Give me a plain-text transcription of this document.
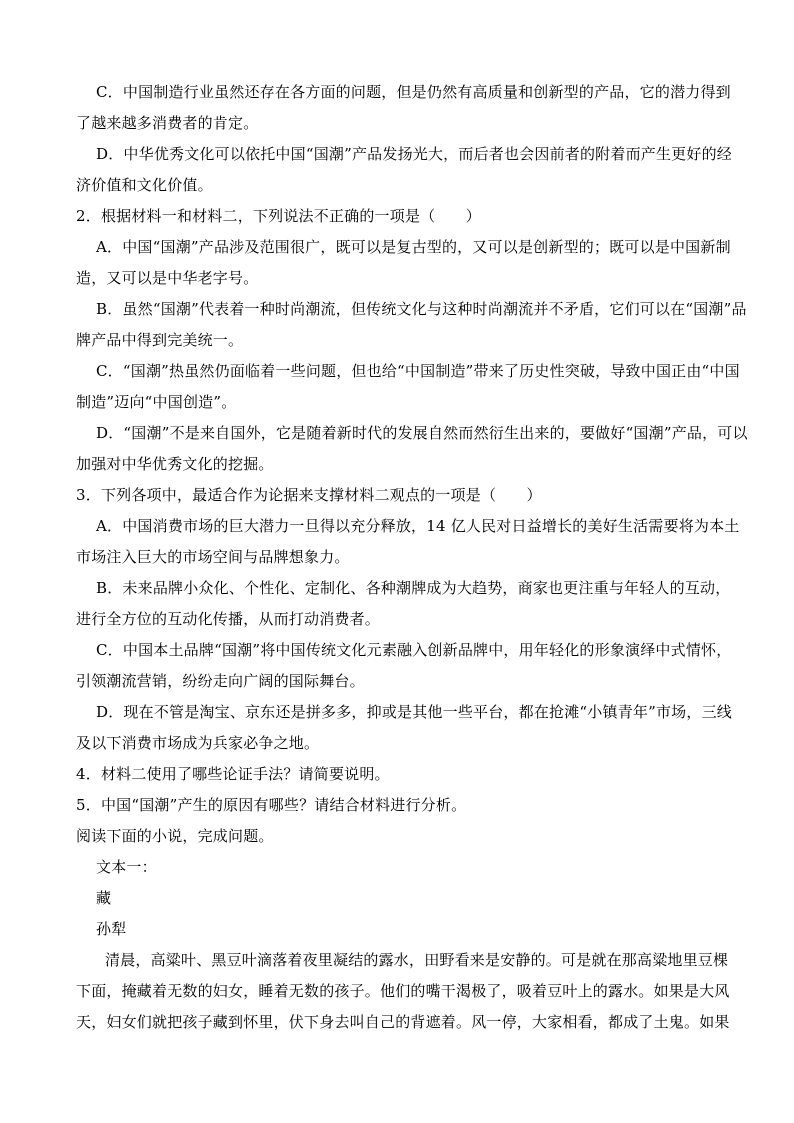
C．中国制造行业虽然还存在各方面的问题，但是仍然有高质量和创新型的产品，它的潜力得到
了越来越多消费者的肯定。
D．中华优秀文化可以依托中国“国潮”产品发扬光大，而后者也会因前者的附着而产生更好的经
济价值和文化价值。
2．根据材料一和材料二，下列说法不正确的一项是（　　）
A．中国“国潮”产品涉及范围很广，既可以是复古型的，又可以是创新型的；既可以是中国新制
造，又可以是中华老字号。
B．虽然“国潮”代表着一种时尚潮流，但传统文化与这种时尚潮流并不矛盾，它们可以在“国潮”品
牌产品中得到完美统一。
C．“国潮”热虽然仍面临着一些问题，但也给“中国制造”带来了历史性突破，导致中国正由“中国
制造”迈向“中国创造”。
D．“国潮”不是来自国外，它是随着新时代的发展自然而然衍生出来的，要做好“国潮”产品，可以
加强对中华优秀文化的挖掘。
3．下列各项中，最适合作为论据来支撑材料二观点的一项是（　　）
A．中国消费市场的巨大潜力一旦得以充分释放，14 亿人民对日益增长的美好生活需要将为本土
市场注入巨大的市场空间与品牌想象力。
B．未来品牌小众化、个性化、定制化、各种潮牌成为大趋势，商家也更注重与年轻人的互动，
进行全方位的互动化传播，从而打动消费者。
C．中国本土品牌“国潮”将中国传统文化元素融入创新品牌中，用年轻化的形象演绎中式情怀，
引领潮流营销，纷纷走向广阔的国际舞台。
D．现在不管是淘宝、京东还是拼多多，抑或是其他一些平台，都在抢滩“小镇青年”市场，三线
及以下消费市场成为兵家必争之地。
4．材料二使用了哪些论证手法？请简要说明。
5．中国“国潮”产生的原因有哪些？请结合材料进行分析。
阅读下面的小说，完成问题。
文本一：
藏
孙犁
清晨，高粱叶、黑豆叶滴落着夜里凝结的露水，田野看来是安静的。可是就在那高粱地里豆棵
下面，掩藏着无数的妇女，睡着无数的孩子。他们的嘴干渴极了，吸着豆叶上的露水。如果是大风
天，妇女们就把孩子藏到怀里，伏下身去叫自己的背遮着。风一停，大家相看，都成了土鬼。如果
